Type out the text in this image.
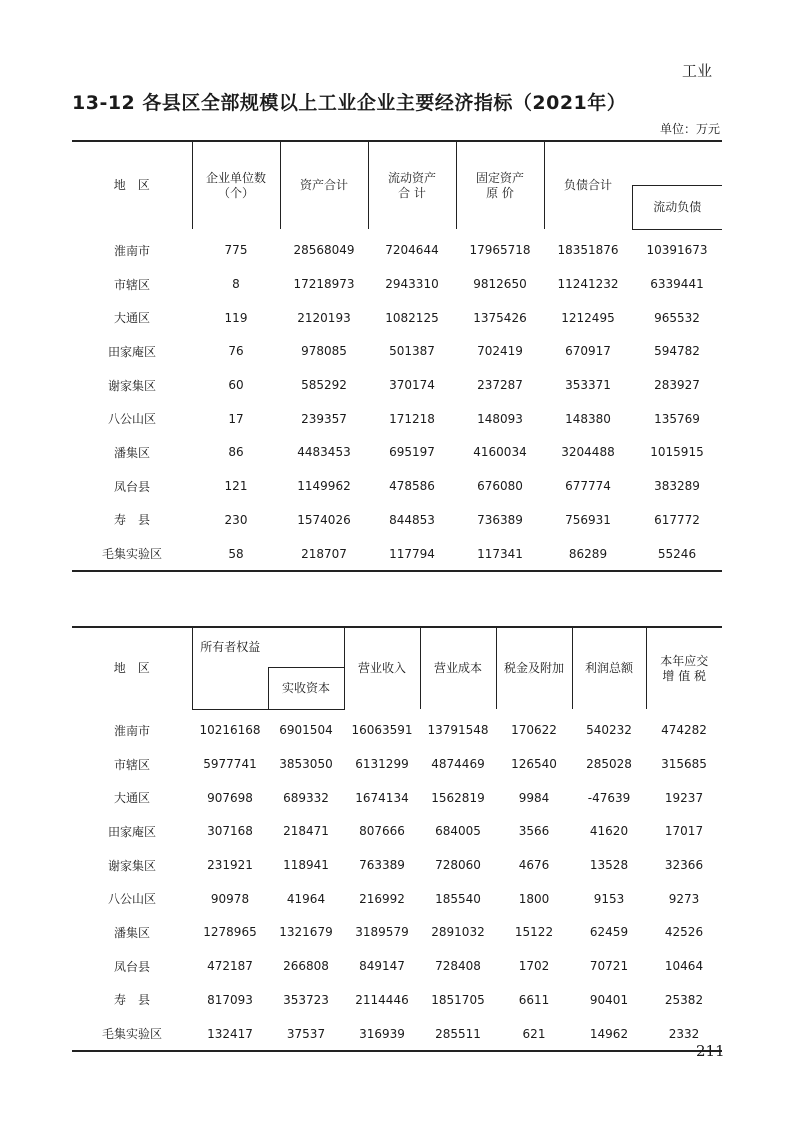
工业
13-12 各县区全部规模以上工业企业主要经济指标（2021年）
单位：万元
地　区	企业单位数（个）	资产合计	流动资产合 计	固定资产原 价	负债合计	
						流动负债
淮南市	775	28568049	7204644	17965718	18351876	10391673
市辖区	8	17218973	2943310	9812650	11241232	6339441
大通区	119	2120193	1082125	1375426	1212495	965532
田家庵区	76	978085	501387	702419	670917	594782
谢家集区	60	585292	370174	237287	353371	283927
八公山区	17	239357	171218	148093	148380	135769
潘集区	86	4483453	695197	4160034	3204488	1015915
凤台县	121	1149962	478586	676080	677774	383289
寿　县	230	1574026	844853	736389	756931	617772
毛集实验区	58	218707	117794	117341	86289	55246
地　区	所有者权益		营业收入	营业成本	税金及附加	利润总额	本年应交增 值 税
		实收资本					
淮南市	10216168	6901504	16063591	13791548	170622	540232	474282
市辖区	5977741	3853050	6131299	4874469	126540	285028	315685
大通区	907698	689332	1674134	1562819	9984	-47639	19237
田家庵区	307168	218471	807666	684005	3566	41620	17017
谢家集区	231921	118941	763389	728060	4676	13528	32366
八公山区	90978	41964	216992	185540	1800	9153	9273
潘集区	1278965	1321679	3189579	2891032	15122	62459	42526
凤台县	472187	266808	849147	728408	1702	70721	10464
寿　县	817093	353723	2114446	1851705	6611	90401	25382
毛集实验区	132417	37537	316939	285511	621	14962	2332
211
